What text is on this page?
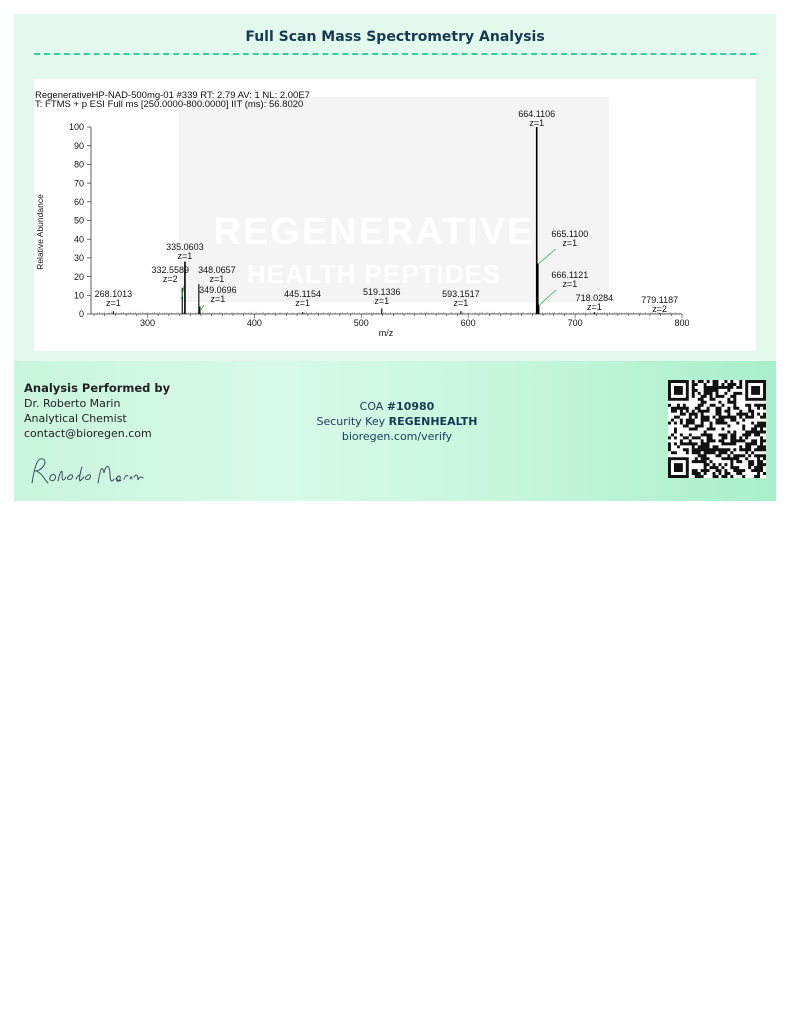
Full Scan Mass Spectrometry Analysis
REGENERATIVE
HEALTH PEPTIDES
RegenerativeHP-NAD-500mg-01 #339 RT: 2.79 AV: 1 NL: 2.00E7
T: FTMS + p ESI Full ms [250.0000-800.0000] IIT (ms): 56.8020
Relative Abundance
m/z
0
10
20
30
40
50
60
70
80
90
100
300	400	500	600	700	800
268.1013
z=1
332.5589
z=2
335.0603
z=1
348.0657
z=1
349.0696
z=1	445.1154
z=1
519.1336
z=1
593.1517
z=1
664.1106
z=1
665.1100
z=1
666.1121
z=1
718.0284
z=1
779.1187
z=2
Analysis Performed by
Dr. Roberto Marin
Analytical Chemist
contact@bioregen.com
COA #10980
Security Key REGENHEALTH
bioregen.com/verify
